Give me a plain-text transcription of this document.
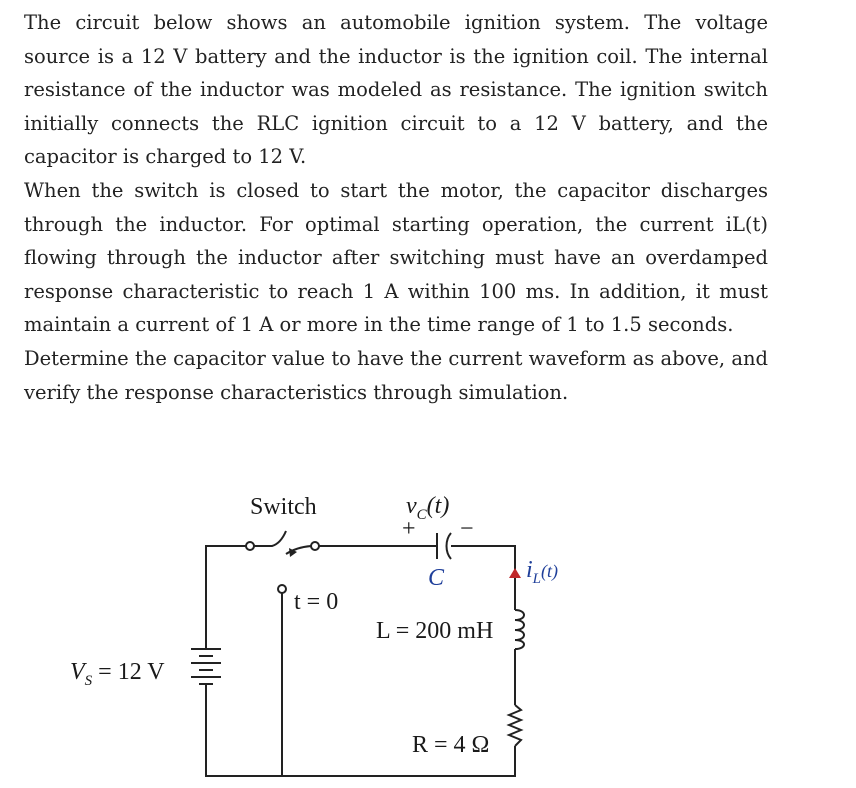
The circuit below shows an automobile ignition system. The voltage source is a 12 V battery and the inductor is the ignition coil. The internal resistance of the inductor was modeled as resistance. The ignition switch initially connects the RLC ignition circuit to a 12 V battery, and the capacitor is charged to 12 V.

When the switch is closed to start the motor, the capacitor discharges through the inductor. For optimal starting operation, the current iL(t) flowing through the inductor after switching must have an overdamped response characteristic to reach 1 A within 100 ms. In addition, it must maintain a current of 1 A or more in the time range of 1 to 1.5 seconds.

Determine the capacitor value to have the current waveform as above, and verify the response characteristics through simulation.

Switch
t = 0
$v_C(t)$
+ −
C	$i_L^{(t)}$
L = 200 mH
R = 4 Ω
$V_S = 12$ V
